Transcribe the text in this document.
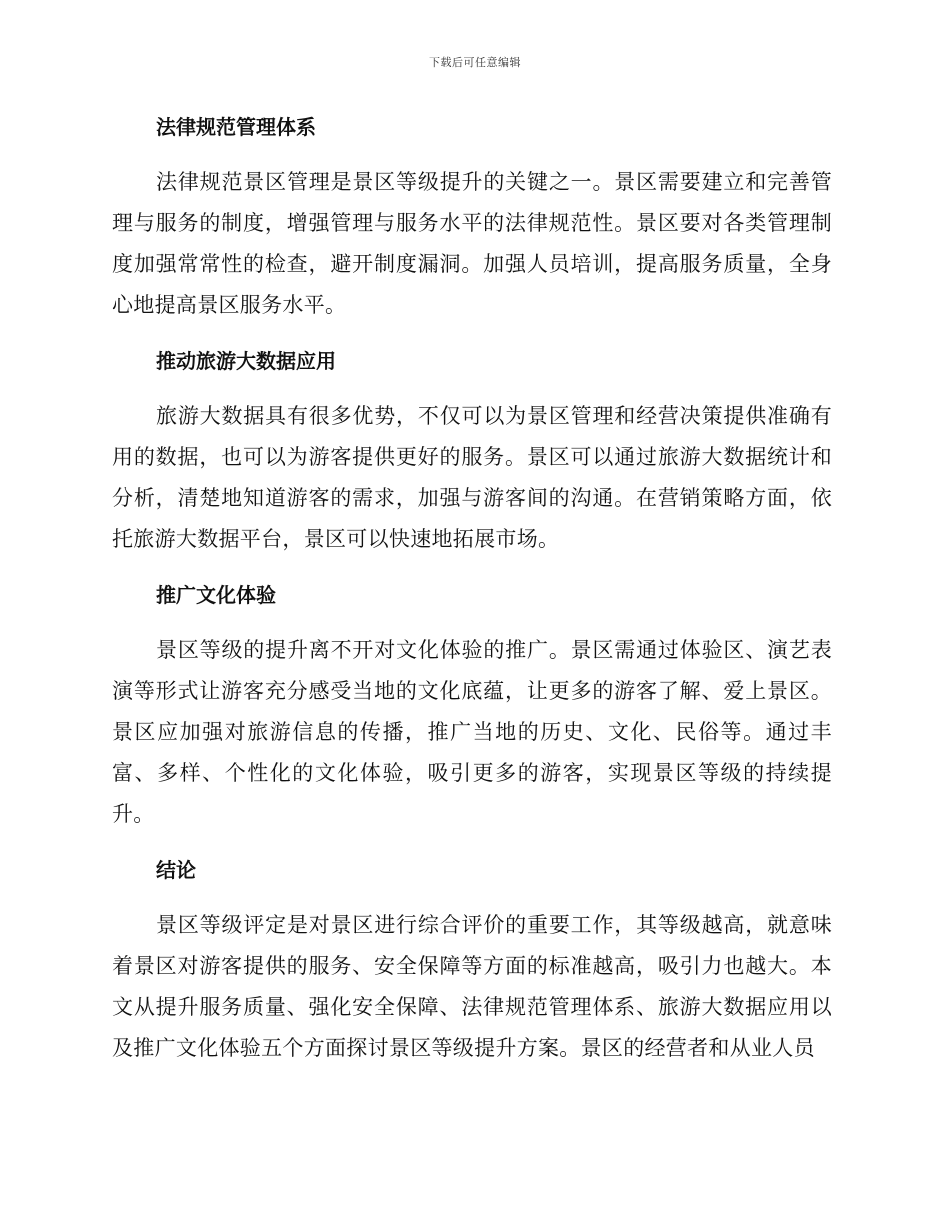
下载后可任意编辑
法律规范管理体系

法律规范景区管理是景区等级提升的关键之一。景区需要建立和完善管理与服务的制度，增强管理与服务水平的法律规范性。景区要对各类管理制度加强常常性的检查，避开制度漏洞。加强人员培训，提高服务质量，全身心地提高景区服务水平。

推动旅游大数据应用

旅游大数据具有很多优势，不仅可以为景区管理和经营决策提供准确有用的数据，也可以为游客提供更好的服务。景区可以通过旅游大数据统计和分析，清楚地知道游客的需求，加强与游客间的沟通。在营销策略方面，依托旅游大数据平台，景区可以快速地拓展市场。

推广文化体验

景区等级的提升离不开对文化体验的推广。景区需通过体验区、演艺表演等形式让游客充分感受当地的文化底蕴，让更多的游客了解、爱上景区。景区应加强对旅游信息的传播，推广当地的历史、文化、民俗等。通过丰富、多样、个性化的文化体验，吸引更多的游客，实现景区等级的持续提升。

结论

景区等级评定是对景区进行综合评价的重要工作，其等级越高，就意味着景区对游客提供的服务、安全保障等方面的标准越高，吸引力也越大。本文从提升服务质量、强化安全保障、法律规范管理体系、旅游大数据应用以及推广文化体验五个方面探讨景区等级提升方案。景区的经营者和从业人员
